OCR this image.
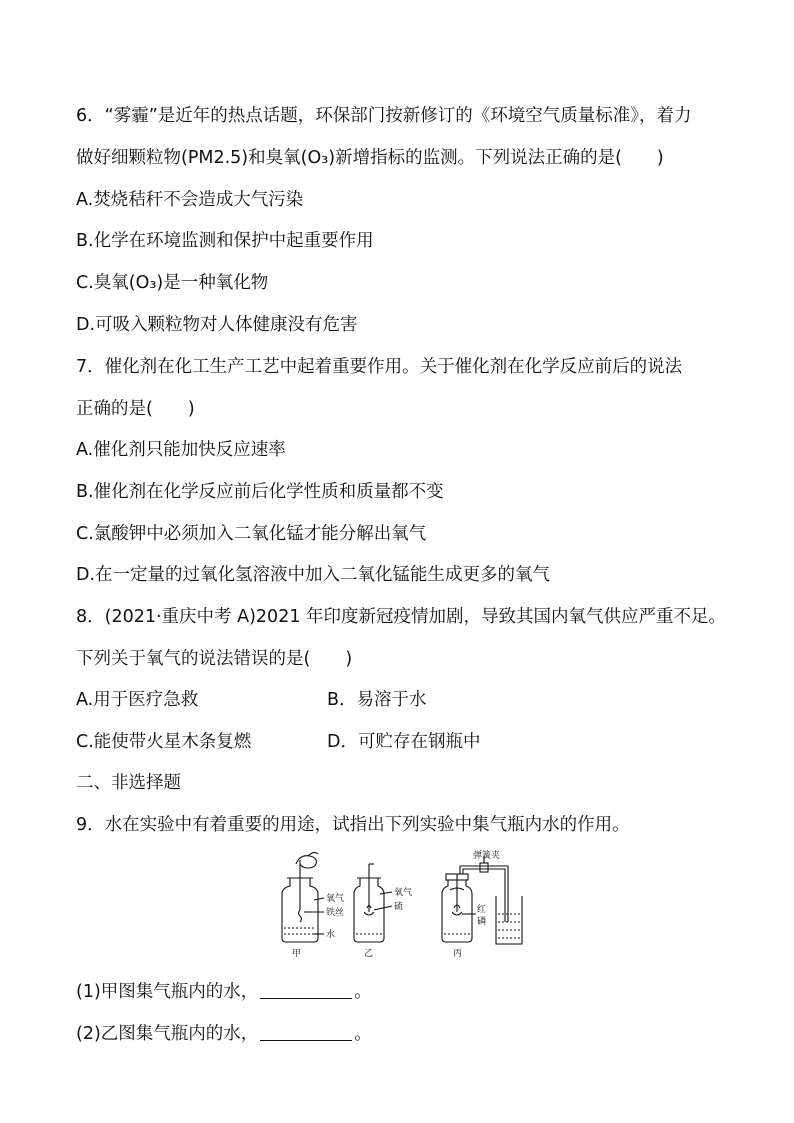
6．“雾霾”是近年的热点话题，环保部门按新修订的《环境空气质量标准》，着力
做好细颗粒物(PM2.5)和臭氧(O₃)新增指标的监测。下列说法正确的是(　　)
A.焚烧秸秆不会造成大气污染
B.化学在环境监测和保护中起重要作用
C.臭氧(O₃)是一种氧化物
D.可吸入颗粒物对人体健康没有危害
7．催化剂在化工生产工艺中起着重要作用。关于催化剂在化学反应前后的说法
正确的是(　　)
A.催化剂只能加快反应速率
B.催化剂在化学反应前后化学性质和质量都不变
C.氯酸钾中必须加入二氧化锰才能分解出氧气
D.在一定量的过氧化氢溶液中加入二氧化锰能生成更多的氧气
8．(2021·重庆中考 A)2021 年印度新冠疫情加剧，导致其国内氧气供应严重不足。
下列关于氧气的说法错误的是(　　)
A.用于医疗急救	B．易溶于水
C.能使带火星木条复燃	D．可贮存在钢瓶中
二、非选择题
9．水在实验中有着重要的用途，试指出下列实验中集气瓶内水的作用。
氧气
铁丝
水
甲
氧气
硫
乙
弹簧夹
红
磷
丙
(1)甲图集气瓶内的水，	。
(2)乙图集气瓶内的水，	。
